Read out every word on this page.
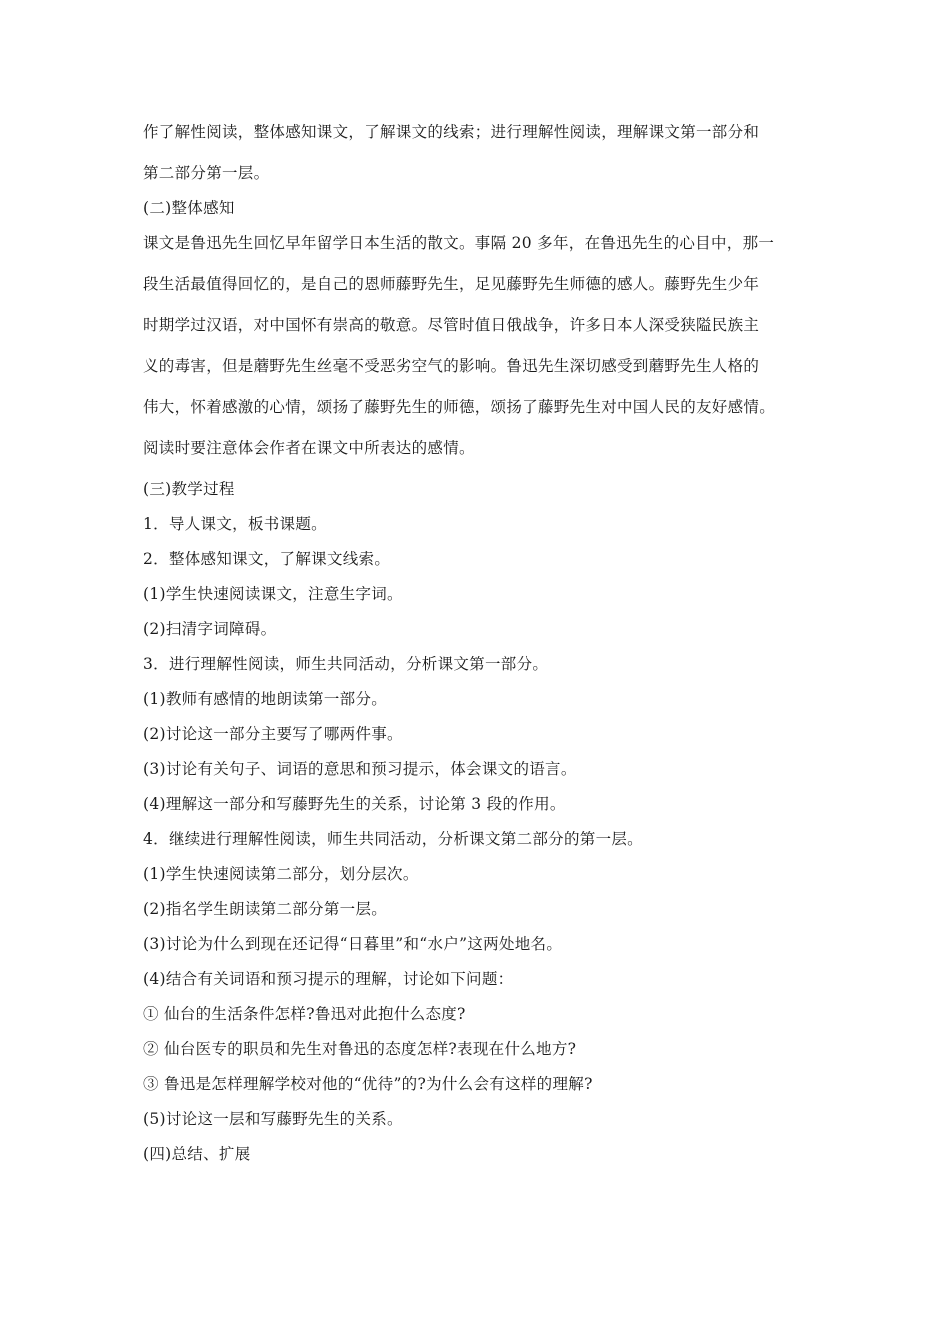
作了解性阅读，整体感知课文，了解课文的线索；进行理解性阅读，理解课文第一部分和
第二部分第一层。
(二)整体感知
课文是鲁迅先生回忆早年留学日本生活的散文。事隔 20 多年，在鲁迅先生的心目中，那一
段生活最值得回忆的，是自己的恩师藤野先生，足见藤野先生师德的感人。藤野先生少年
时期学过汉语，对中国怀有崇高的敬意。尽管时值日俄战争，许多日本人深受狭隘民族主
义的毒害，但是蘑野先生丝毫不受恶劣空气的影响。鲁迅先生深切感受到蘑野先生人格的
伟大，怀着感激的心情，颂扬了藤野先生的师德，颂扬了藤野先生对中国人民的友好感情。
阅读时要注意体会作者在课文中所表达的感情。
(三)教学过程
1．导人课文，板书课题。
2．整体感知课文，了解课文线索。
(1)学生快速阅读课文，注意生字词。
(2)扫清字词障碍。
3．进行理解性阅读，师生共同活动，分析课文第一部分。
(1)教师有感情的地朗读第一部分。
(2)讨论这一部分主要写了哪两件事。
(3)讨论有关句子、词语的意思和预习提示，体会课文的语言。
(4)理解这一部分和写藤野先生的关系，讨论第 3 段的作用。
4．继续进行理解性阅读，师生共同活动，分析课文第二部分的第一层。
(1)学生快速阅读第二部分，划分层次。
(2)指名学生朗读第二部分第一层。
(3)讨论为什么到现在还记得“日暮里”和“水户”这两处地名。
(4)结合有关词语和预习提示的理解，讨论如下问题：
① 仙台的生活条件怎样?鲁迅对此抱什么态度?
② 仙台医专的职员和先生对鲁迅的态度怎样?表现在什么地方?
③ 鲁迅是怎样理解学校对他的“优待”的?为什么会有这样的理解?
(5)讨论这一层和写藤野先生的关系。
(四)总结、扩展
